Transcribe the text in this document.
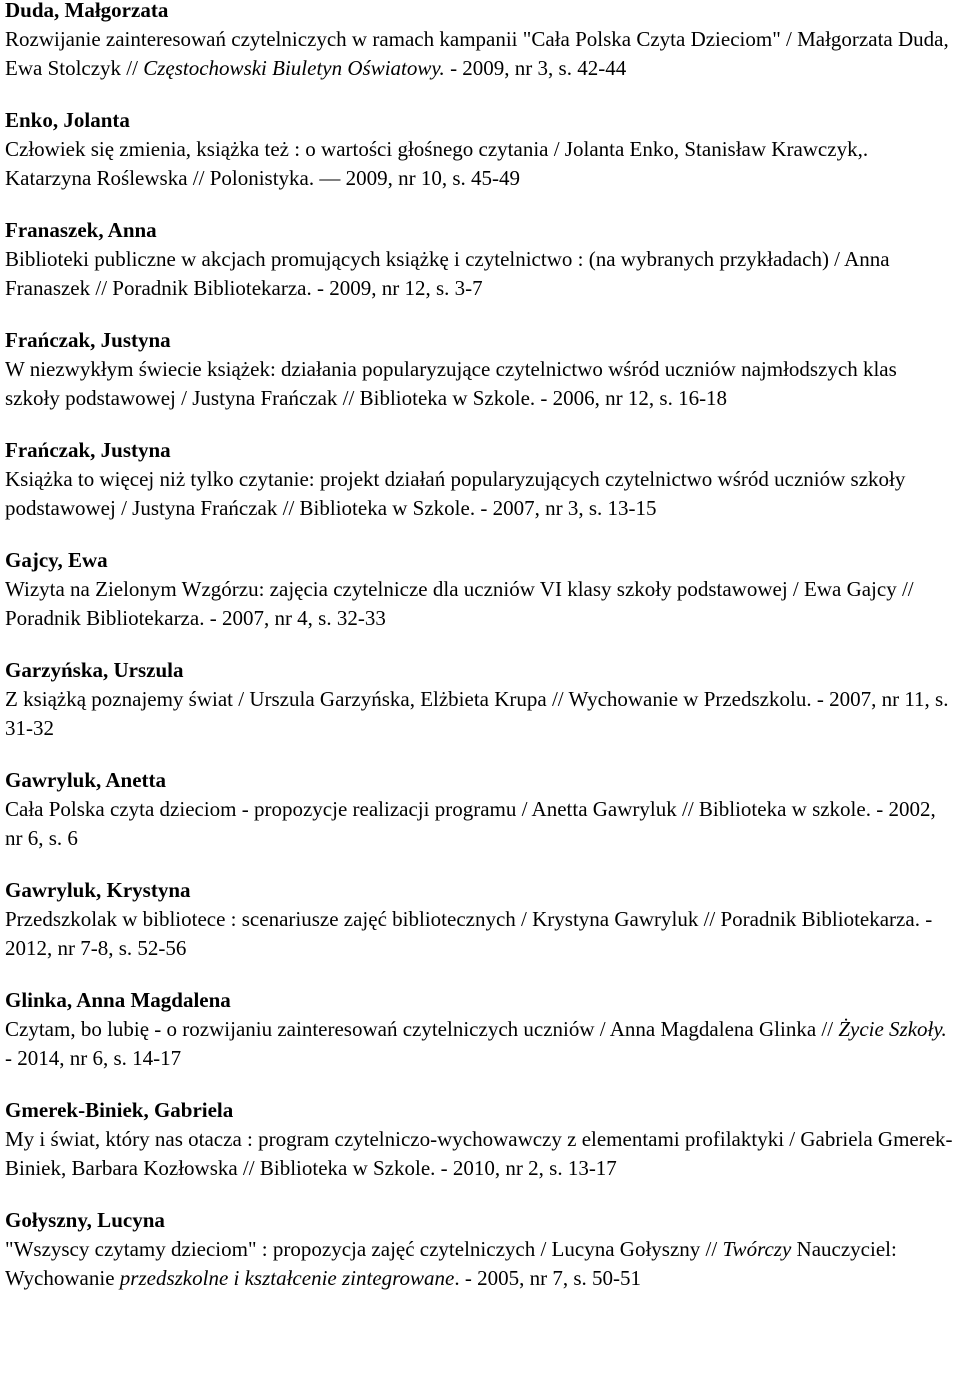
Duda, Małgorzata
Rozwijanie zainteresowań czytelniczych w ramach kampanii "Cała Polska Czyta Dzieciom" / Małgorzata Duda, Ewa Stolczyk // Częstochowski Biuletyn Oświatowy. - 2009, nr 3, s. 42-44
Enko, Jolanta
Człowiek się zmienia, książka też : o wartości głośnego czytania / Jolanta Enko, Stanisław Krawczyk,. Katarzyna Roślewska // Polonistyka. ― 2009, nr 10, s. 45-49
Franaszek, Anna
Biblioteki publiczne w akcjach promujących książkę i czytelnictwo : (na wybranych przykładach) / Anna Franaszek // Poradnik Bibliotekarza. - 2009, nr 12, s. 3-7
Frańczak, Justyna
W niezwykłym świecie książek: działania popularyzujące czytelnictwo wśród uczniów najmłodszych klas szkoły podstawowej / Justyna Frańczak // Biblioteka w Szkole. - 2006, nr 12, s. 16-18
Frańczak, Justyna
Książka to więcej niż tylko czytanie: projekt działań popularyzujących czytelnictwo wśród uczniów szkoły podstawowej / Justyna Frańczak // Biblioteka w Szkole. - 2007, nr 3, s. 13-15
Gajcy, Ewa
Wizyta na Zielonym Wzgórzu: zajęcia czytelnicze dla uczniów VI klasy szkoły podstawowej / Ewa Gajcy // Poradnik Bibliotekarza. - 2007, nr 4, s. 32-33
Garzyńska, Urszula
Z książką poznajemy świat / Urszula Garzyńska, Elżbieta Krupa // Wychowanie w Przedszkolu. - 2007, nr 11, s. 31-32
Gawryluk, Anetta
Cała Polska czyta dzieciom - propozycje realizacji programu / Anetta Gawryluk // Biblioteka w szkole. - 2002, nr 6, s. 6
Gawryluk, Krystyna
Przedszkolak w bibliotece : scenariusze zajęć bibliotecznych / Krystyna Gawryluk // Poradnik Bibliotekarza. - 2012, nr 7-8, s. 52-56
Glinka, Anna Magdalena
Czytam, bo lubię - o rozwijaniu zainteresowań czytelniczych uczniów / Anna Magdalena Glinka // Życie Szkoły. - 2014, nr 6, s. 14-17
Gmerek-Biniek, Gabriela
My i świat, który nas otacza : program czytelniczo-wychowawczy z elementami profilaktyki / Gabriela Gmerek-Biniek, Barbara Kozłowska // Biblioteka w Szkole. - 2010, nr 2, s. 13-17
Gołyszny, Lucyna
"Wszyscy czytamy dzieciom" : propozycja zajęć czytelniczych / Lucyna Gołyszny // Twórczy Nauczyciel: Wychowanie przedszkolne i kształcenie zintegrowane. - 2005, nr 7, s. 50-51
